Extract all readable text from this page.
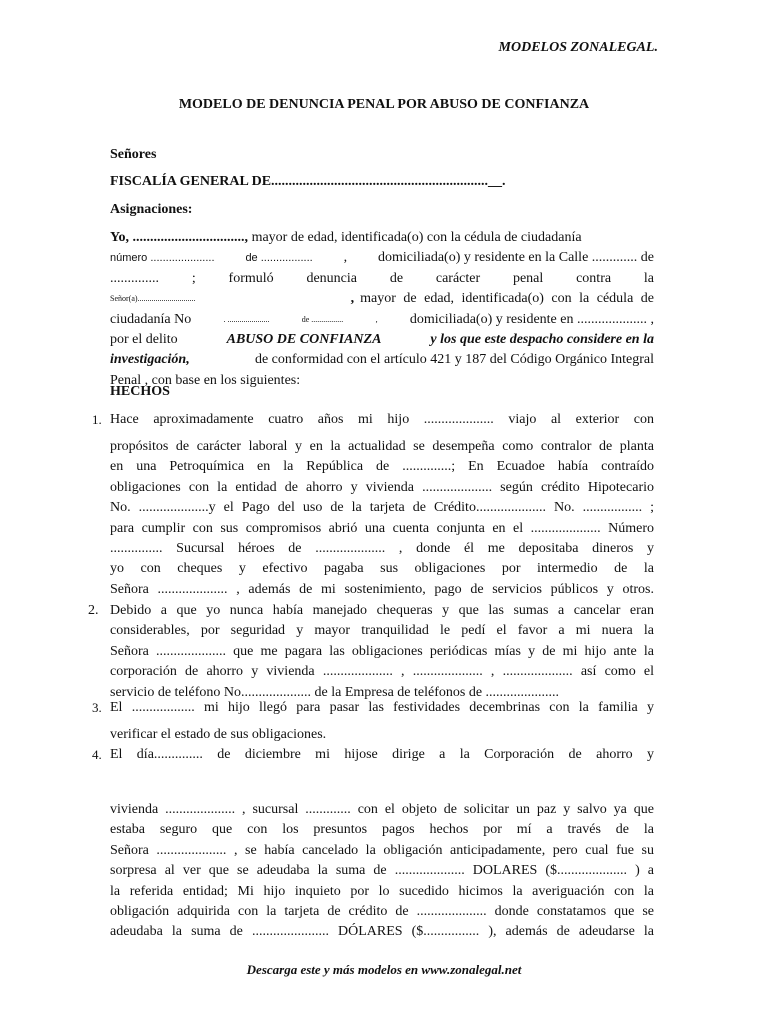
MODELOS ZONALEGAL.
MODELO DE DENUNCIA PENAL POR ABUSO DE CONFIANZA
Señores
FISCALÍA GENERAL DE..............................................................__.
Asignaciones:
Yo, ................................, mayor de edad, identificada(o) con la cédula de ciudadanía
número .....................	de ................. , domiciliada(o) y residente en la Calle ............. de
.............. ; formuló denuncia de carácter penal contra la
Señor(a).............................	, mayor de edad, identificada(o) con la cédula de
ciudadanía No	. .....................	de ................	, domiciliada(o) y residente en .................... ,
por el delito	ABUSO DE CONFIANZA	y los que este despacho considere en la
investigación,	de conformidad con el artículo 421 y 187 del Código Orgánico Integral
Penal , con base en los siguientes:
HECHOS
1. Hace aproximadamente cuatro años mi hijo .................... viajo al exterior con
propósitos de carácter laboral y en la actualidad se desempeña como contralor de planta
en una Petroquímica en la República de ..............; En Ecuadoe había contraído
obligaciones con la entidad de ahorro y vivienda .................... según crédito Hipotecario
No. ....................y el Pago del uso de la tarjeta de Crédito.................... No. ................. ;
para cumplir con sus compromisos abrió una cuenta conjunta en el .................... Número
............... Sucursal héroes de .................... , donde él me depositaba dineros y
yo con cheques y efectivo pagaba sus obligaciones por intermedio de la
Señora .................... , además de mi sostenimiento, pago de servicios públicos y otros.
2. Debido a que yo nunca había manejado chequeras y que las sumas a cancelar eran
considerables, por seguridad y mayor tranquilidad le pedí el favor a mi nuera la
Señora .................... que me pagara las obligaciones periódicas mías y de mi hijo ante la
corporación de ahorro y vivienda .................... , .................... , .................... así como el
servicio de teléfono No.................... de la Empresa de teléfonos de .....................
3. El .................. mi hijo llegó para pasar las festividades decembrinas con la familia y
verificar el estado de sus obligaciones.
4. El día.............. de diciembre mi hijose dirige a la Corporación de ahorro y
vivienda .................... , sucursal ............. con el objeto de solicitar un paz y salvo ya que
estaba seguro que con los presuntos pagos hechos por mí a través de la
Señora .................... , se había cancelado la obligación anticipadamente, pero cual fue su
sorpresa al ver que se adeudaba la suma de .................... DOLARES ($.................... ) a
la referida entidad; Mi hijo inquieto por lo sucedido hicimos la averiguación con la
obligación adquirida con la tarjeta de crédito de .................... donde constatamos que se
adeudaba la suma de ...................... DÓLARES ($................ ), además de adeudarse la
Descarga este y más modelos en www.zonalegal.net
